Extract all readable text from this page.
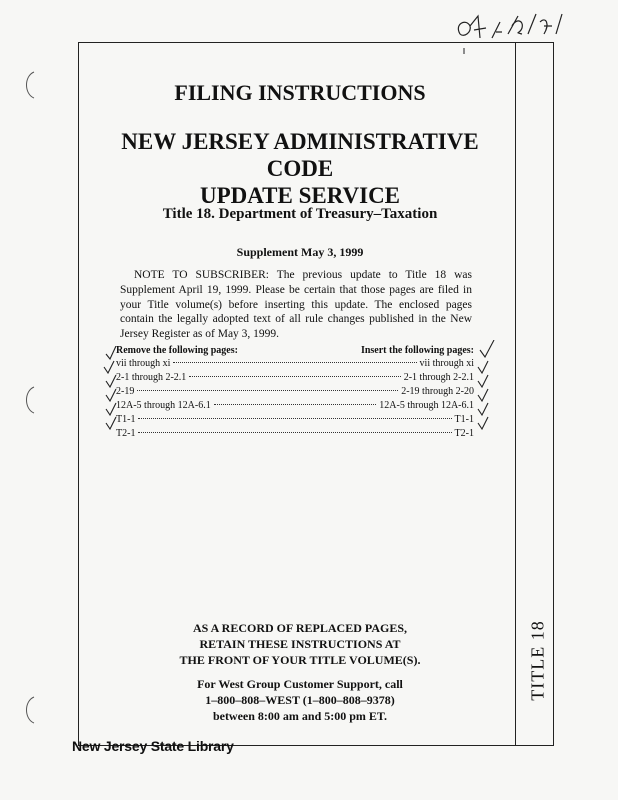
TITLE 18
FILING INSTRUCTIONS
NEW JERSEY ADMINISTRATIVE CODE
UPDATE SERVICE
Title 18. Department of Treasury–Taxation
Supplement May 3, 1999
NOTE TO SUBSCRIBER: The previous update to Title 18 was Supplement April 19, 1999. Please be certain that those pages are filed in your Title volume(s) before inserting this update. The enclosed pages contain the legally adopted text of all rule changes published in the New Jersey Register as of May 3, 1999.
Remove the following pages:	Insert the following pages:
vii through xi	vii through xi
2-1 through 2-2.1	2-1 through 2-2.1
2-19	2-19 through 2-20
12A-5 through 12A-6.1	12A-5 through 12A-6.1
T1-1	T1-1
T2-1	T2-1
AS A RECORD OF REPLACED PAGES,
RETAIN THESE INSTRUCTIONS AT
THE FRONT OF YOUR TITLE VOLUME(S).
For West Group Customer Support, call
1–800–808–WEST (1–800–808–9378)
between 8:00 am and 5:00 pm ET.
New Jersey State Library
